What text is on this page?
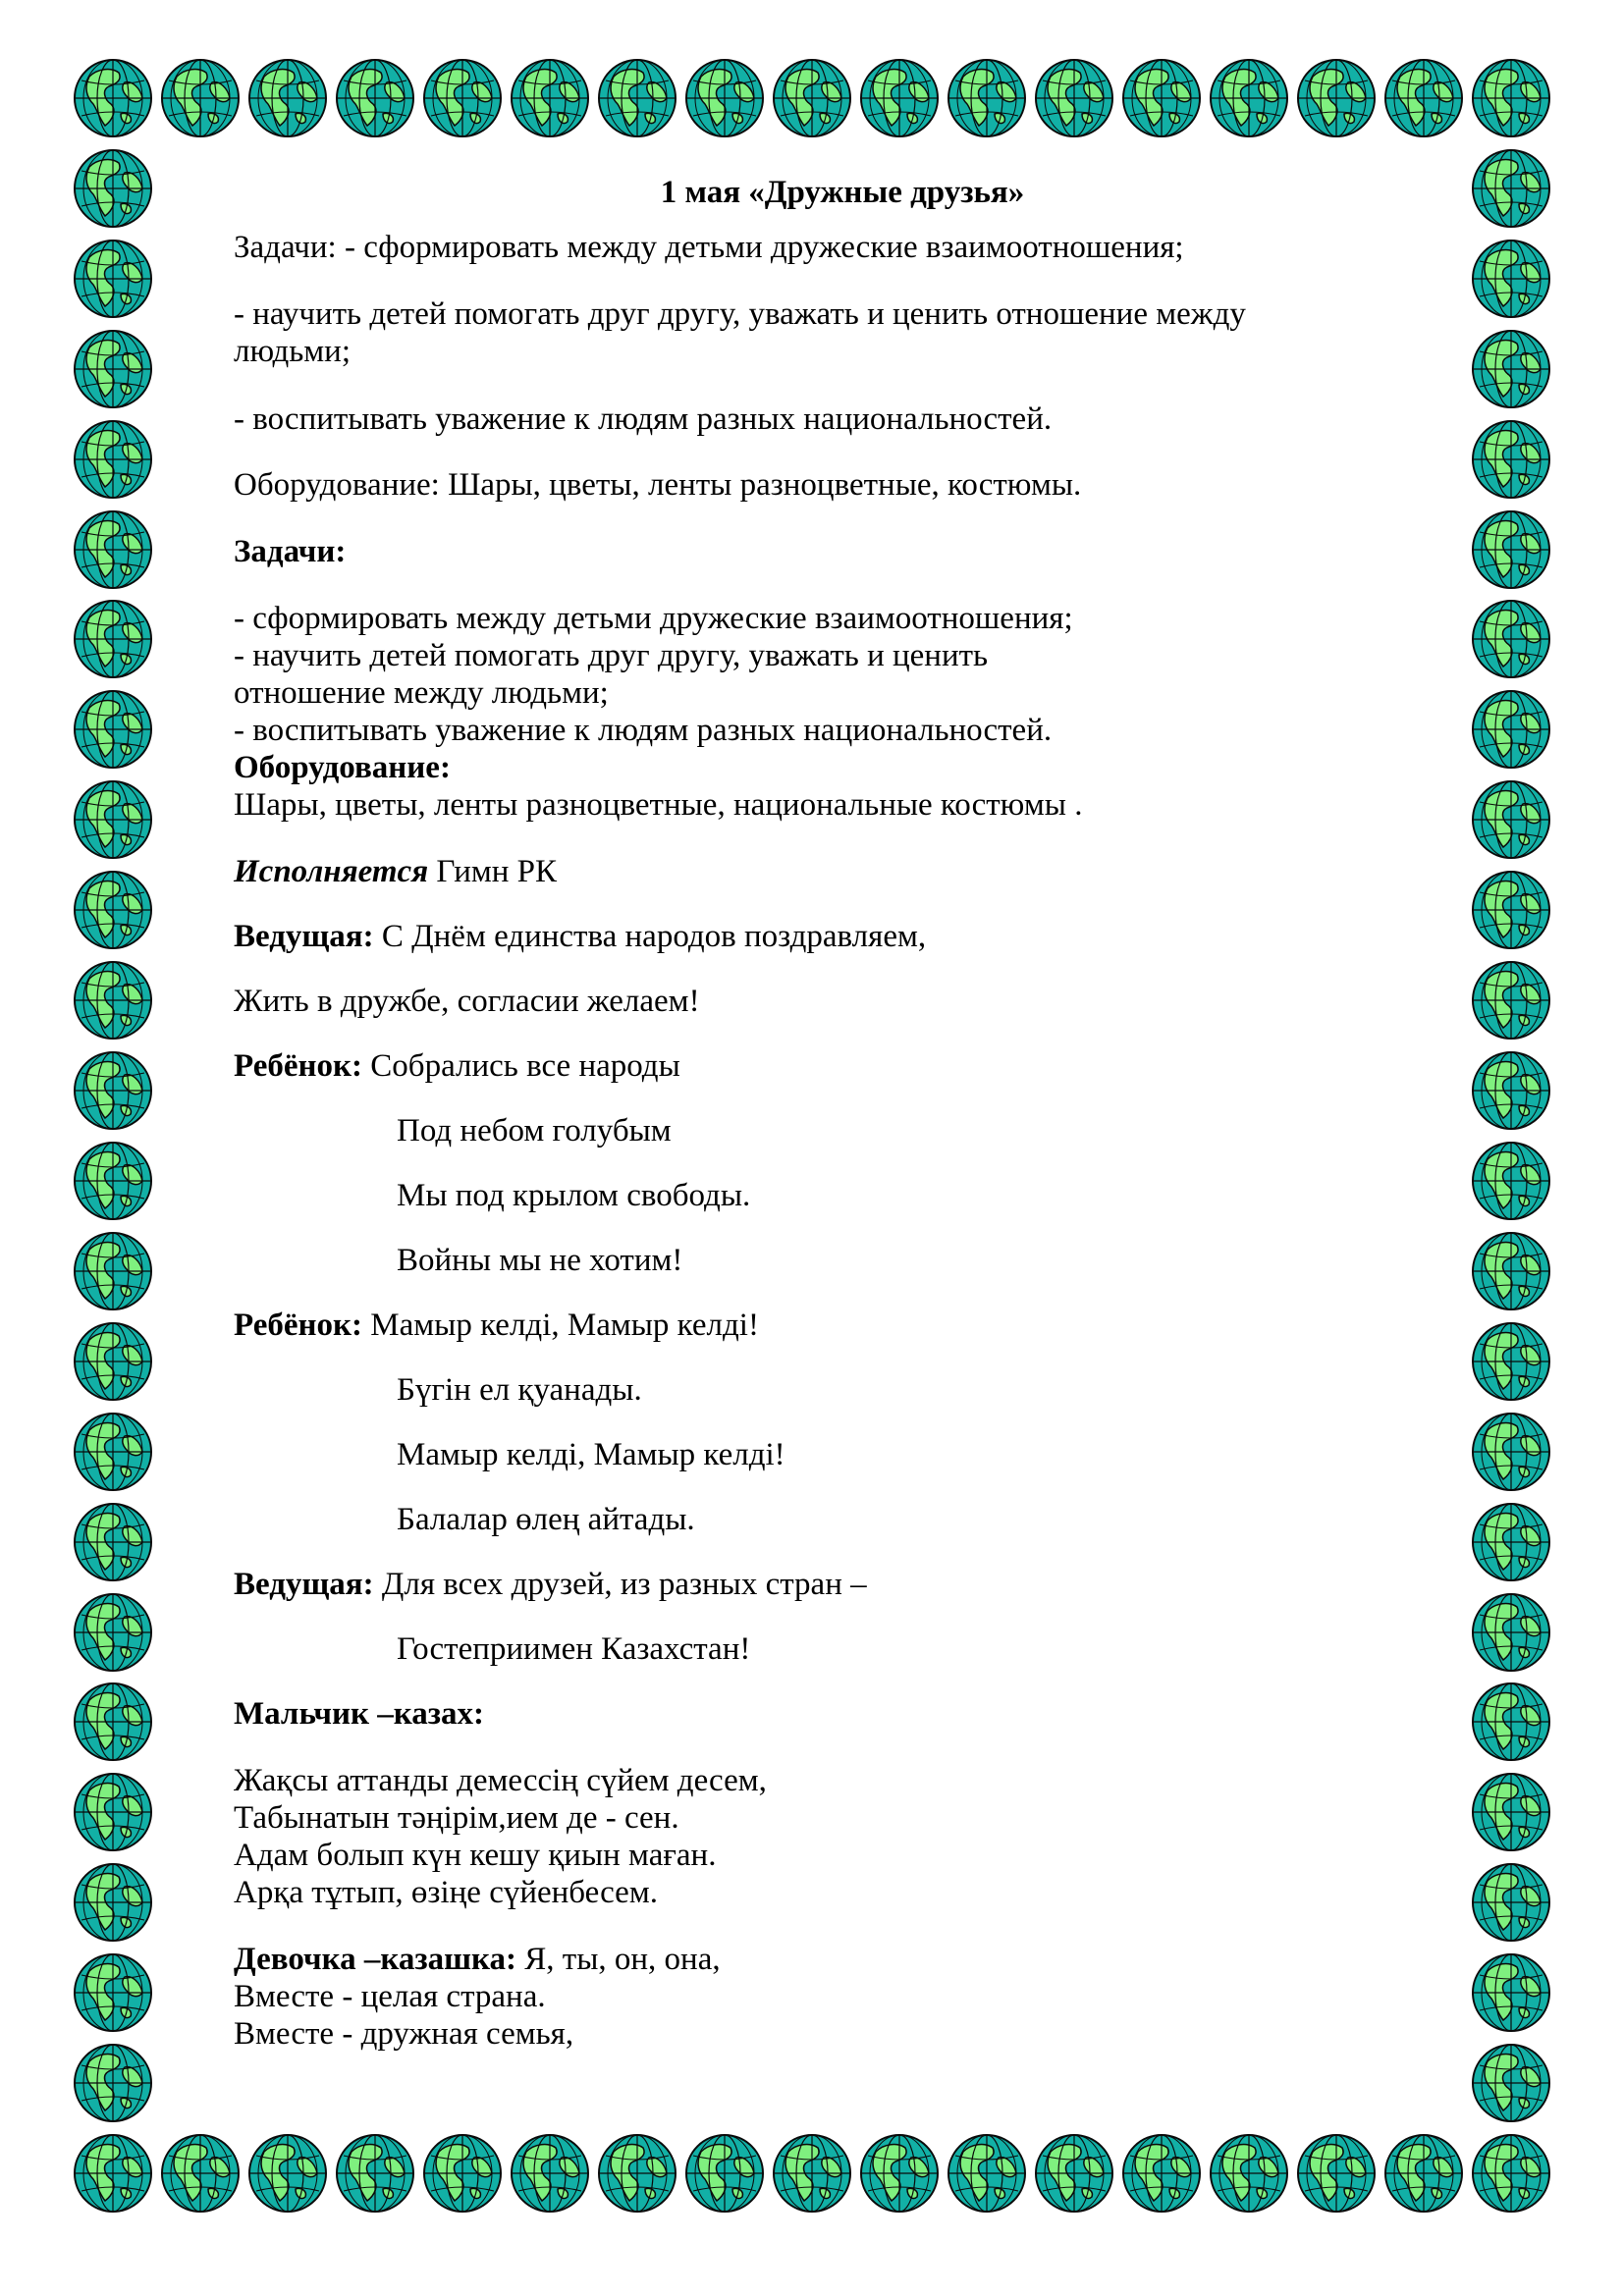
1 мая «Дружные друзья»
Задачи: - сформировать между детьми дружеские взаимоотношения;
- научить детей помогать друг другу, уважать и ценить отношение между
людьми;
- воспитывать уважение к людям разных национальностей.
Оборудование: Шары, цветы, ленты разноцветные, костюмы.
Задачи:
- сформировать между детьми дружеские взаимоотношения;
- научить детей помогать друг другу, уважать и ценить
отношение между людьми;
- воспитывать уважение к людям разных национальностей.
Оборудование:
Шары, цветы, ленты разноцветные, национальные костюмы .
Исполняется Гимн РК
Ведущая: С Днём единства народов поздравляем,
Жить в дружбе, согласии желаем!
Ребёнок: Собрались все народы
Под небом голубым
Мы под крылом свободы.
Войны мы не хотим!
Ребёнок: Мамыр келді, Мамыр келді!
Бүгін ел қуанады.
Мамыр келді, Мамыр келді!
Балалар өлең айтады.
Ведущая: Для всех друзей, из разных стран –
Гостеприимен Казахстан!
Мальчик –казах:
Жақсы аттанды демессің сүйем десем,
Табынатын тәңірім,ием де - сен.
Адам болып күн кешу қиын маған.
Арқа тұтып, өзіңе сүйенбесем.
Девочка –казашка: Я, ты, он, она,
Вместе - целая страна.
Вместе - дружная семья,
